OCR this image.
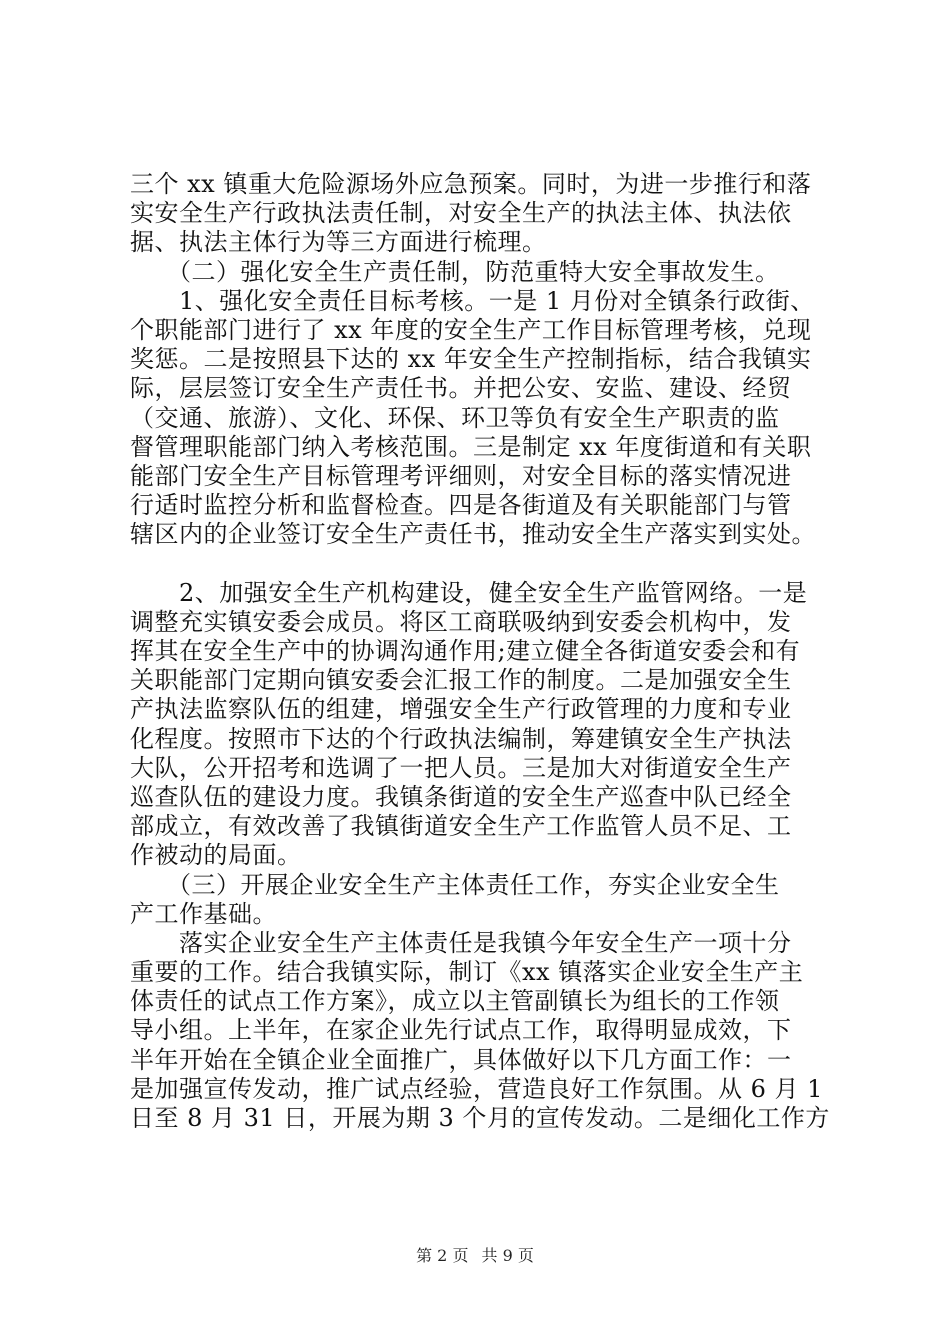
三个 xx 镇重大危险源场外应急预案。同时，为进一步推行和落
实安全生产行政执法责任制，对安全生产的执法主体、执法依
据、执法主体行为等三方面进行梳理。
　　（二）强化安全生产责任制，防范重特大安全事故发生。
　　1、强化安全责任目标考核。一是 1 月份对全镇条行政街、
个职能部门进行了 xx 年度的安全生产工作目标管理考核，兑现
奖惩。二是按照县下达的 xx 年安全生产控制指标，结合我镇实
际，层层签订安全生产责任书。并把公安、安监、建设、经贸
（交通、旅游）、文化、环保、环卫等负有安全生产职责的监
督管理职能部门纳入考核范围。三是制定 xx 年度街道和有关职
能部门安全生产目标管理考评细则，对安全目标的落实情况进
行适时监控分析和监督检查。四是各街道及有关职能部门与管
辖区内的企业签订安全生产责任书，推动安全生产落实到实处。
　　2、加强安全生产机构建设，健全安全生产监管网络。一是
调整充实镇安委会成员。将区工商联吸纳到安委会机构中，发
挥其在安全生产中的协调沟通作用;建立健全各街道安委会和有
关职能部门定期向镇安委会汇报工作的制度。二是加强安全生
产执法监察队伍的组建，增强安全生产行政管理的力度和专业
化程度。按照市下达的个行政执法编制，筹建镇安全生产执法
大队，公开招考和选调了一把人员。三是加大对街道安全生产
巡查队伍的建设力度。我镇条街道的安全生产巡查中队已经全
部成立，有效改善了我镇街道安全生产工作监管人员不足、工
作被动的局面。
　　（三）开展企业安全生产主体责任工作，夯实企业安全生
产工作基础。
　　落实企业安全生产主体责任是我镇今年安全生产一项十分
重要的工作。结合我镇实际，制订《xx 镇落实企业安全生产主
体责任的试点工作方案》，成立以主管副镇长为组长的工作领
导小组。上半年，在家企业先行试点工作，取得明显成效，下
半年开始在全镇企业全面推广，具体做好以下几方面工作：一
是加强宣传发动，推广试点经验，营造良好工作氛围。从 6 月 1
日至 8 月 31 日，开展为期 3 个月的宣传发动。二是细化工作方
第 2 页 共 9 页
